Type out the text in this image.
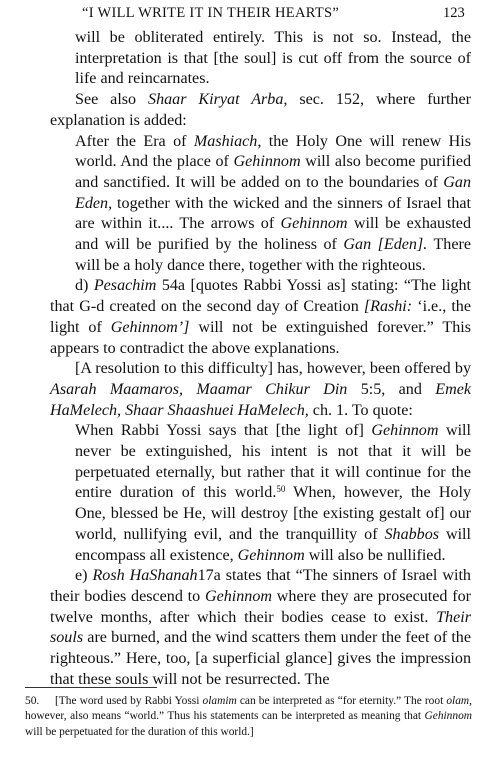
“I WILL WRITE IT IN THEIR HEARTS”	123

will be obliterated entirely. This is not so. Instead, the interpretation is that [the soul] is cut off from the source of life and reincarnates.

See also Shaar Kiryat Arba, sec. 152, where further explanation is added:

After the Era of Mashiach, the Holy One will renew His world. And the place of Gehinnom will also become purified and sanctified. It will be added on to the boundaries of Gan Eden, together with the wicked and the sinners of Israel that are within it.... The arrows of Gehinnom will be exhausted and will be purified by the holiness of Gan [Eden]. There will be a holy dance there, together with the righteous.

d) Pesachim 54a [quotes Rabbi Yossi as] stating: “The light that G-d created on the second day of Creation [Rashi: ‘i.e., the light of Gehinnom’] will not be extinguished forever.” This appears to contradict the above explanations.

[A resolution to this difficulty] has, however, been offered by Asarah Maamaros, Maamar Chikur Din 5:5, and Emek HaMelech, Shaar Shaashuei HaMelech, ch. 1. To quote:

When Rabbi Yossi says that [the light of] Gehinnom will never be extinguished, his intent is not that it will be perpetuated eternally, but rather that it will continue for the entire duration of this world.$^{50}$ When, however, the Holy One, blessed be He, will destroy [the existing gestalt of] our world, nullifying evil, and the tranquillity of Shabbos will encompass all existence, Gehinnom will also be nullified.

e) Rosh HaShanah17a states that “The sinners of Israel with their bodies descend to Gehinnom where they are prosecuted for twelve months, after which their bodies cease to exist. Their souls are burned, and the wind scatters them under the feet of the righteous.” Here, too, [a superficial glance] gives the impression that these souls will not be resurrected. The

50. [The word used by Rabbi Yossi olamim can be interpreted as “for eternity.” The root olam, however, also means “world.” Thus his statements can be interpreted as meaning that Gehinnom will be perpetuated for the duration of this world.]
